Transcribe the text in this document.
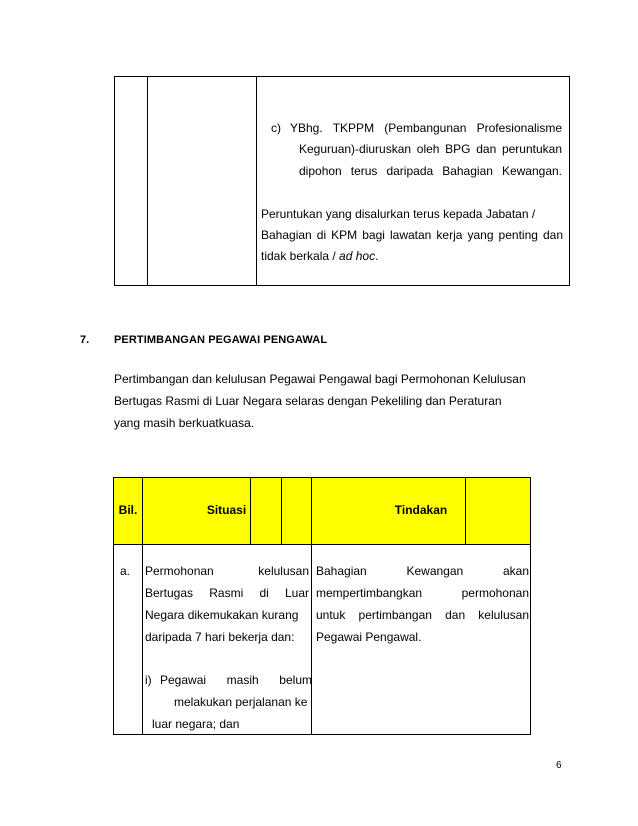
c) YBhg. TKPPM (Pembangunan Profesionalisme
Keguruan)-diuruskan oleh BPG dan peruntukan
dipohon terus daripada Bahagian Kewangan.
Peruntukan yang disalurkan terus kepada Jabatan /
Bahagian di KPM bagi lawatan kerja yang penting dan
tidak berkala / ad hoc.
7. PERTIMBANGAN PEGAWAI PENGAWAL
Pertimbangan dan kelulusan Pegawai Pengawal bagi Permohonan Kelulusan
Bertugas Rasmi di Luar Negara selaras dengan Pekeliling dan Peraturan
yang masih berkuatkuasa.
Bil.	Situasi	Tindakan
a. Permohonan kelulusan
Bertugas Rasmi di Luar
Negara dikemukakan kurang
daripada 7 hari bekerja dan:
i) Pegawai masih belum
melakukan perjalanan ke
luar negara; dan
Bahagian Kewangan akan
mempertimbangkan permohonan
untuk pertimbangan dan kelulusan
Pegawai Pengawal.
6
